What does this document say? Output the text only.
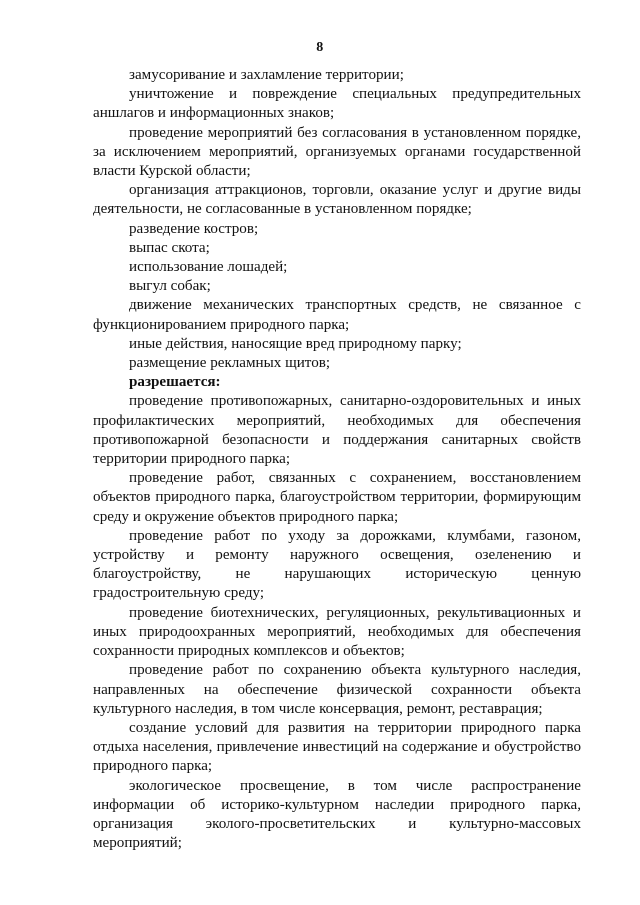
8

замусоривание и захламление территории;

уничтожение и повреждение специальных предупредительных аншлагов и информационных знаков;

проведение мероприятий без согласования в установленном порядке, за исключением мероприятий, организуемых органами государственной власти Курской области;

организация аттракционов, торговли, оказание услуг и другие виды деятельности, не согласованные в установленном порядке;

разведение костров;

выпас скота;

использование лошадей;

выгул собак;

движение механических транспортных средств, не связанное с функционированием природного парка;

иные действия, наносящие вред природному парку;

размещение рекламных щитов;

разрешается:

проведение противопожарных, санитарно-оздоровительных и иных профилактических мероприятий, необходимых для обеспечения противопожарной безопасности и поддержания санитарных свойств территории природного парка;

проведение работ, связанных с сохранением, восстановлением объектов природного парка, благоустройством территории, формирующим среду и окружение объектов природного парка;

проведение работ по уходу за дорожками, клумбами, газоном, устройству и ремонту наружного освещения, озеленению и благоустройству, не нарушающих историческую ценную градостроительную среду;

проведение биотехнических, регуляционных, рекультивационных и иных природоохранных мероприятий, необходимых для обеспечения сохранности природных комплексов и объектов;

проведение работ по сохранению объекта культурного наследия, направленных на обеспечение физической сохранности объекта культурного наследия, в том числе консервация, ремонт, реставрация;

создание условий для развития на территории природного парка отдыха населения, привлечение инвестиций на содержание и обустройство природного парка;

экологическое просвещение, в том числе распространение информации об историко-культурном наследии природного парка, организация эколого-просветительских и культурно-массовых мероприятий;
